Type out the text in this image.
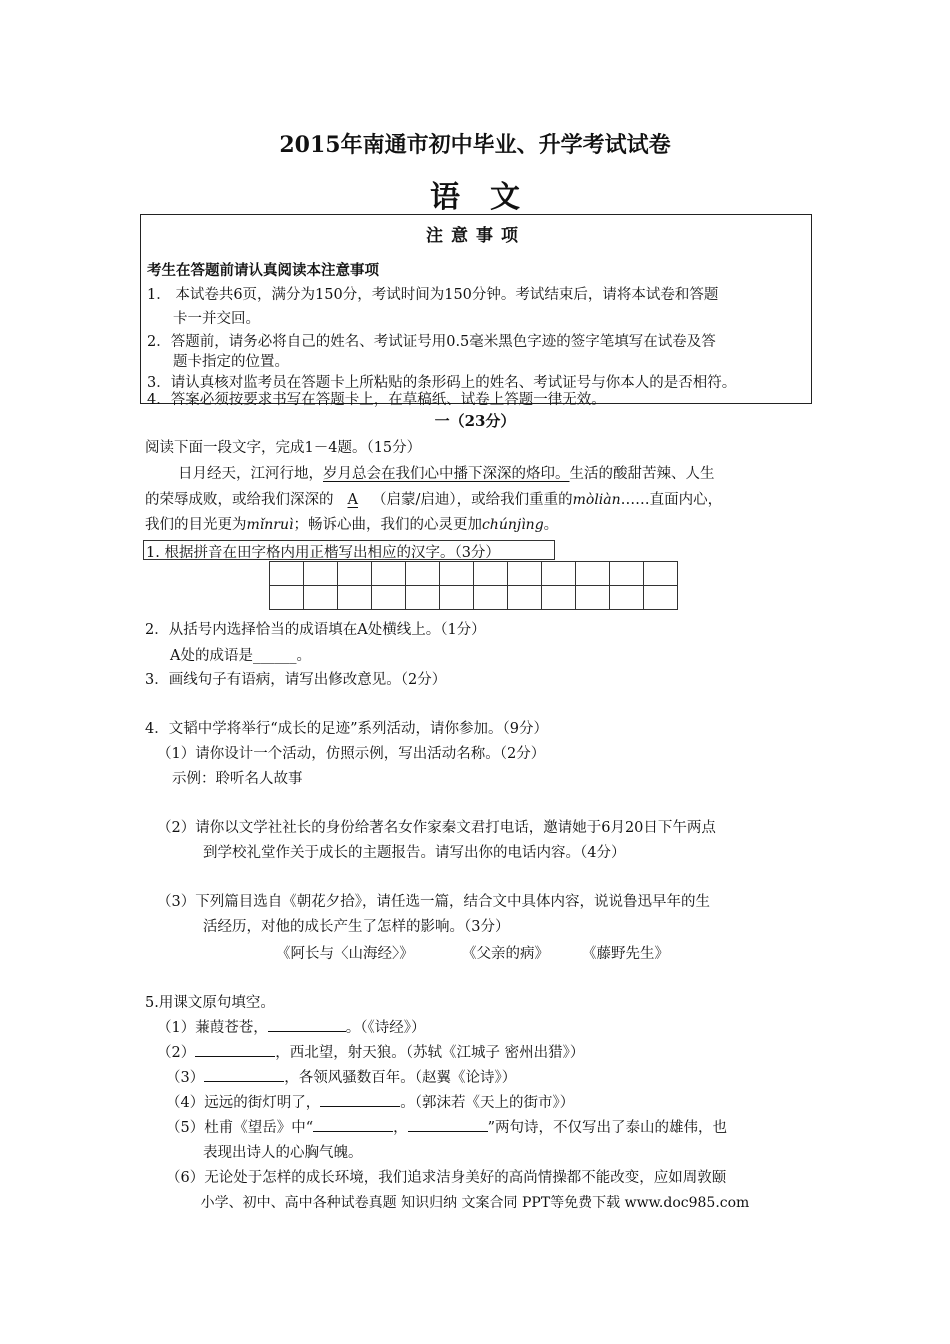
2015年南通市初中毕业、升学考试试卷
语文
注意事项
考生在答题前请认真阅读本注意事项
1． 本试卷共6页，满分为150分，考试时间为150分钟。考试结束后，请将本试卷和答题
卡一并交回。
2．答题前，请务必将自己的姓名、考试证号用0.5毫米黑色字迹的签字笔填写在试卷及答
题卡指定的位置。
3．请认真核对监考员在答题卡上所粘贴的条形码上的姓名、考试证号与你本人的是否相符。
4．答案必须按要求书写在答题卡上，在草稿纸、试卷上答题一律无效。
一（23分）
阅读下面一段文字，完成1－4题。（15分）
日月经天，江河行地，岁月总会在我们心中播下深深的烙印。生活的酸甜苦辣、人生
的荣辱成败，或给我们深深的 A （启蒙/启迪），或给我们重重的mòliàn……直面内心，
我们的目光更为mǐnruì；畅诉心曲，我们的心灵更加chúnjìng。
1. 根据拼音在田字格内用正楷写出相应的汉字。（3分）

2．从括号内选择恰当的成语填在A处横线上。（1分）
A处的成语是______。
3．画线句子有语病，请写出修改意见。（2分）
4．文韬中学将举行“成长的足迹”系列活动，请你参加。（9分）
（1）请你设计一个活动，仿照示例，写出活动名称。（2分）
示例：聆听名人故事
（2）请你以文学社社长的身份给著名女作家秦文君打电话，邀请她于6月20日下午两点
到学校礼堂作关于成长的主题报告。请写出你的电话内容。（4分）
（3）下列篇目选自《朝花夕拾》，请任选一篇，结合文中具体内容，说说鲁迅早年的生
活经历，对他的成长产生了怎样的影响。（3分）
《阿长与〈山海经〉》	《父亲的病》 《藤野先生》
5.用课文原句填空。
（1）蒹葭苍苍，	。（《诗经》）
（2）	，西北望，射天狼。（苏轼《江城子 密州出猎》）
（3）	，各领风骚数百年。（赵翼《论诗》）
（4）远远的街灯明了，	。（郭沫若《天上的街市》）
（5）杜甫《望岳》中“	，	”两句诗，不仅写出了泰山的雄伟，也
表现出诗人的心胸气魄。
（6）无论处于怎样的成长环境，我们追求洁身美好的高尚情操都不能改变，应如周敦颐
小学、初中、高中各种试卷真题 知识归纳 文案合同 PPT等免费下载 www.doc985.com
